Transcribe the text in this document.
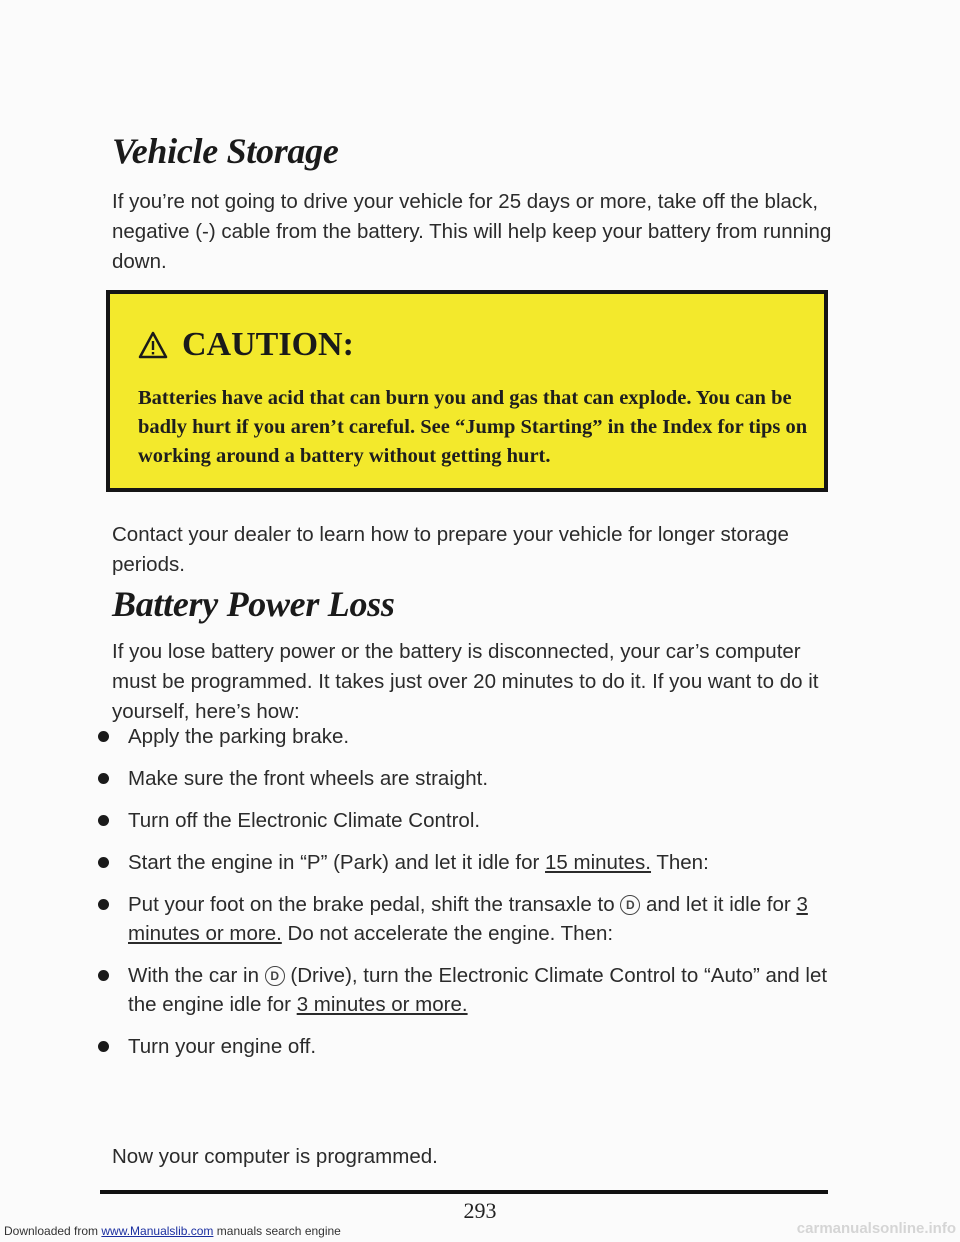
Vehicle Storage

If you’re not going to drive your vehicle for 25 days or more, take off the black, negative (-) cable from the battery. This will help keep your battery from running down.

CAUTION:

Batteries have acid that can burn you and gas that can explode. You can be badly hurt if you aren’t careful. See “Jump Starting” in the Index for tips on working around a battery without getting hurt.

Contact your dealer to learn how to prepare your vehicle for longer storage periods.

Battery Power Loss

If you lose battery power or the battery is disconnected, your car’s computer must be programmed. It takes just over 20 minutes to do it. If you want to do it yourself, here’s how:

Apply the parking brake.
Make sure the front wheels are straight.
Turn off the Electronic Climate Control.
Start the engine in “P” (Park) and let it idle for 15 minutes. Then:
Put your foot on the brake pedal, shift the transaxle to D and let it idle for 3 minutes or more. Do not accelerate the engine. Then:
With the car in D (Drive), turn the Electronic Climate Control to “Auto” and let the engine idle for 3 minutes or more.
Turn your engine off.

Now your computer is programmed.

293
Downloaded from www.Manualslib.com manuals search engine	carmanualsonline.info
